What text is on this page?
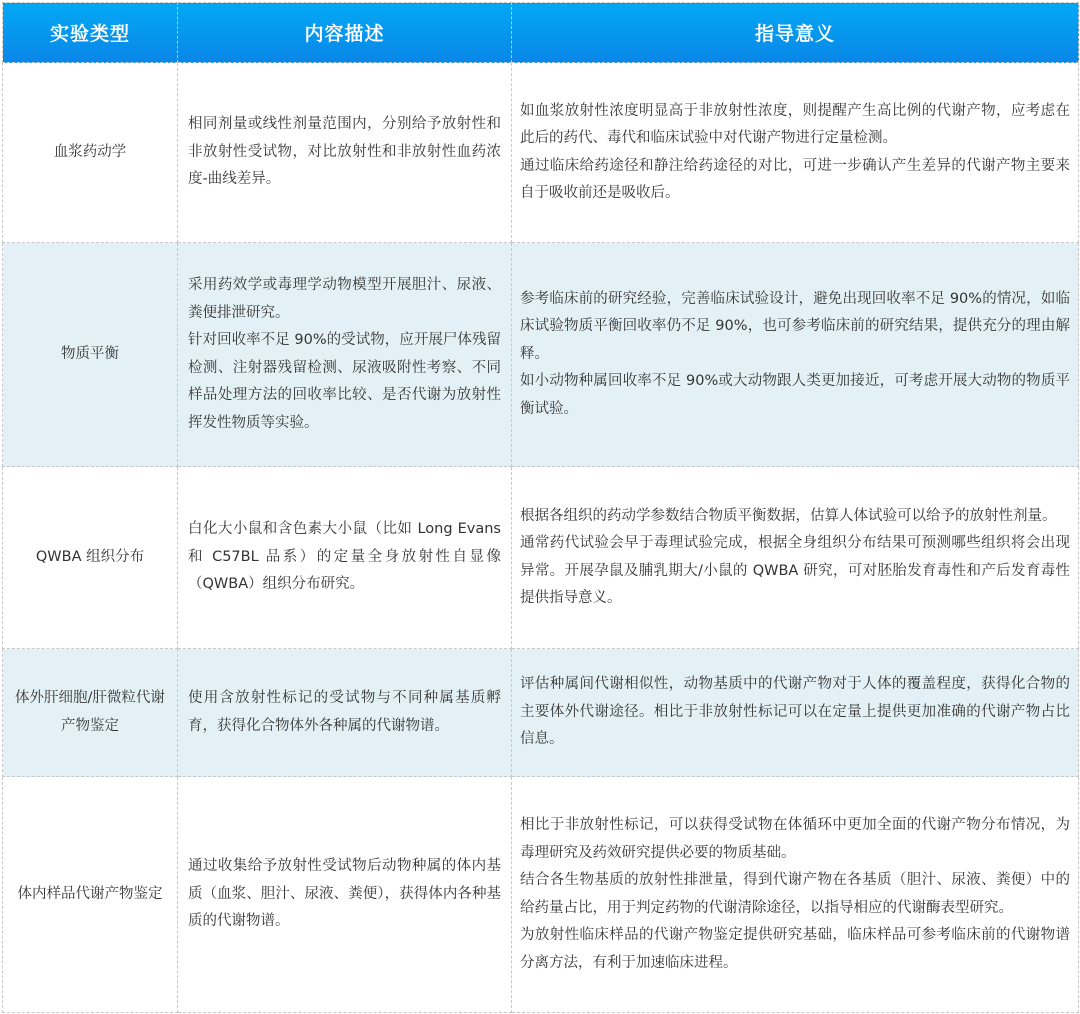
实验类型	内容描述	指导意义
血浆药动学	相同剂量或线性剂量范围内，分别给予放射性和非放射性受试物，对比放射性和非放射性血药浓度-曲线差异。	如血浆放射性浓度明显高于非放射性浓度，则提醒产生高比例的代谢产物，应考虑在此后的药代、毒代和临床试验中对代谢产物进行定量检测。
通过临床给药途径和静注给药途径的对比，可进一步确认产生差异的代谢产物主要来自于吸收前还是吸收后。

物质平衡	采用药效学或毒理学动物模型开展胆汁、尿液、粪便排泄研究。
针对回收率不足 90%的受试物，应开展尸体残留检测、注射器残留检测、尿液吸附性考察、不同样品处理方法的回收率比较、是否代谢为放射性挥发性物质等实验。	参考临床前的研究经验，完善临床试验设计，避免出现回收率不足 90%的情况，如临床试验物质平衡回收率仍不足 90%，也可参考临床前的研究结果，提供充分的理由解释。
如小动物种属回收率不足 90%或大动物跟人类更加接近，可考虑开展大动物的物质平衡试验。

QWBA 组织分布	白化大小鼠和含色素大小鼠（比如 Long Evans 和 C57BL 品系）的定量全身放射性自显像（QWBA）组织分布研究。	根据各组织的药动学参数结合物质平衡数据，估算人体试验可以给予的放射性剂量。
通常药代试验会早于毒理试验完成，根据全身组织分布结果可预测哪些组织将会出现异常。开展孕鼠及脯乳期大/小鼠的 QWBA 研究，可对胚胎发育毒性和产后发育毒性提供指导意义。

体外肝细胞/肝微粒代谢产物鉴定	使用含放射性标记的受试物与不同种属基质孵育，获得化合物体外各种属的代谢物谱。	评估种属间代谢相似性，动物基质中的代谢产物对于人体的覆盖程度，获得化合物的主要体外代谢途径。相比于非放射性标记可以在定量上提供更加准确的代谢产物占比信息。

体内样品代谢产物鉴定	通过收集给予放射性受试物后动物种属的体内基质（血浆、胆汁、尿液、粪便），获得体内各种基质的代谢物谱。	相比于非放射性标记，可以获得受试物在体循环中更加全面的代谢产物分布情况，为毒理研究及药效研究提供必要的物质基础。
结合各生物基质的放射性排泄量，得到代谢产物在各基质（胆汁、尿液、粪便）中的给药量占比，用于判定药物的代谢清除途径，以指导相应的代谢酶表型研究。
为放射性临床样品的代谢产物鉴定提供研究基础，临床样品可参考临床前的代谢物谱分离方法，有利于加速临床进程。
